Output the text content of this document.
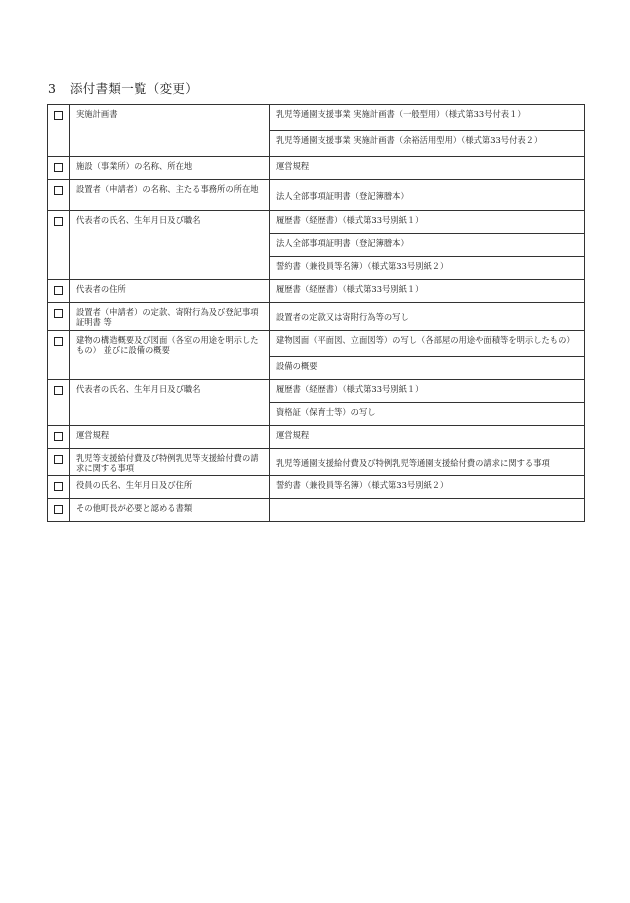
3 添付書類一覧（変更）
	実施計画書	乳児等通園支援事業 実施計画書（一般型用）（様式第33号付表１）
		乳児等通園支援事業 実施計画書（余裕活用型用）（様式第33号付表２）
	施設（事業所）の名称、所在地	運営規程
	設置者（申請者）の名称、主たる事務所の所在地	法人全部事項証明書（登記簿謄本）
	代表者の氏名、生年月日及び職名	履歴書（経歴書）（様式第33号別紙１）
		法人全部事項証明書（登記簿謄本）
		誓約書（兼役員等名簿）（様式第33号別紙２）
	代表者の住所	履歴書（経歴書）（様式第33号別紙１）
	設置者（申請者）の定款、寄附行為及び登記事項証明書 等	設置者の定款又は寄附行為等の写し
	建物の構造概要及び図面（各室の用途を明示したもの） 並びに設備の概要	建物図面（平面図、立面図等）の写し（各部屋の用途や面積等を明示したもの）
		設備の概要
	代表者の氏名、生年月日及び職名	履歴書（経歴書）（様式第33号別紙１）
		資格証（保育士等）の写し
	運営規程	運営規程
	乳児等支援給付費及び特例乳児等支援給付費の請求に関する事項	乳児等通園支援給付費及び特例乳児等通園支援給付費の請求に関する事項
	役員の氏名、生年月日及び住所	誓約書（兼役員等名簿）（様式第33号別紙２）
	その他町長が必要と認める書類	
